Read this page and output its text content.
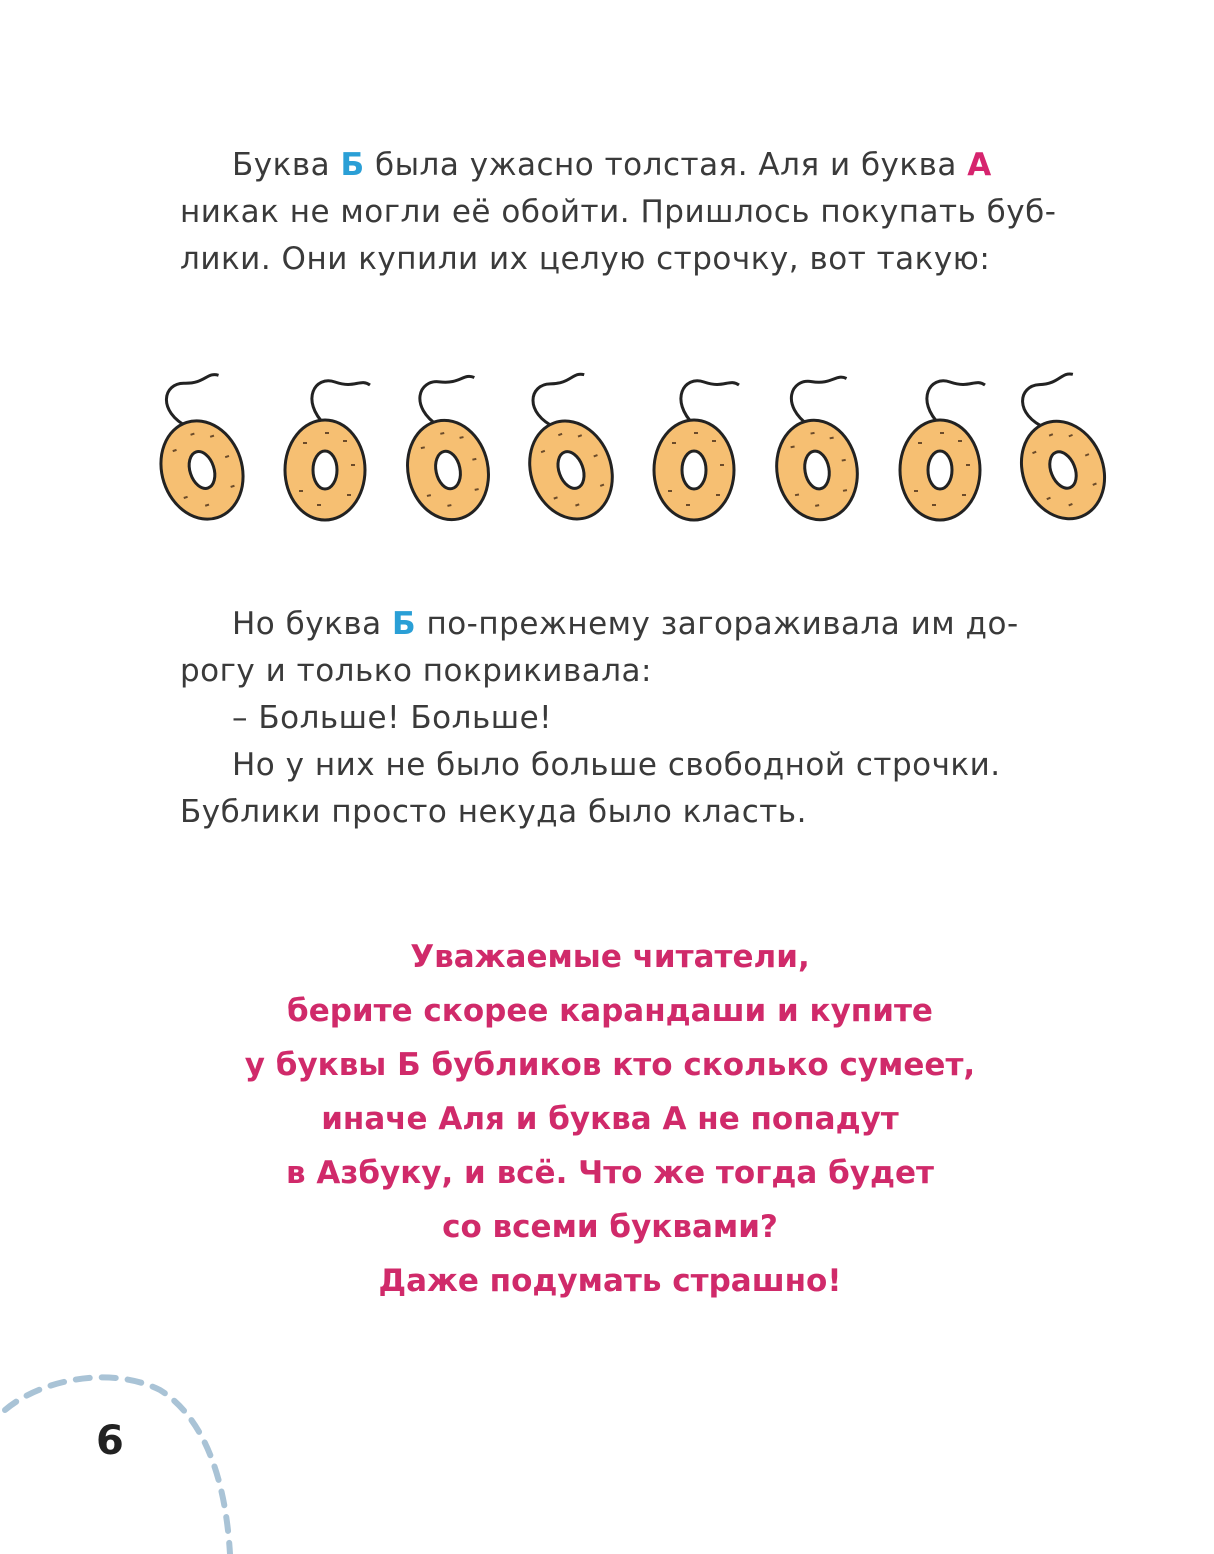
Буква Б была ужасно толстая. Аля и буква А
никак не могли её обойти. Пришлось покупать буб-
лики. Они купили их целую строчку, вот такую:

Но буква Б по-прежнему загораживала им до-
рогу и только покрикивала:
– Больше! Больше!
Но у них не было больше свободной строчки.
Бублики просто некуда было класть.

Уважаемые читатели,
берите скорее карандаши и купите
у буквы Б бубликов кто сколько сумеет,
иначе Аля и буква А не попадут
в Азбуку, и всё. Что же тогда будет
со всеми буквами?
Даже подумать страшно!

6
